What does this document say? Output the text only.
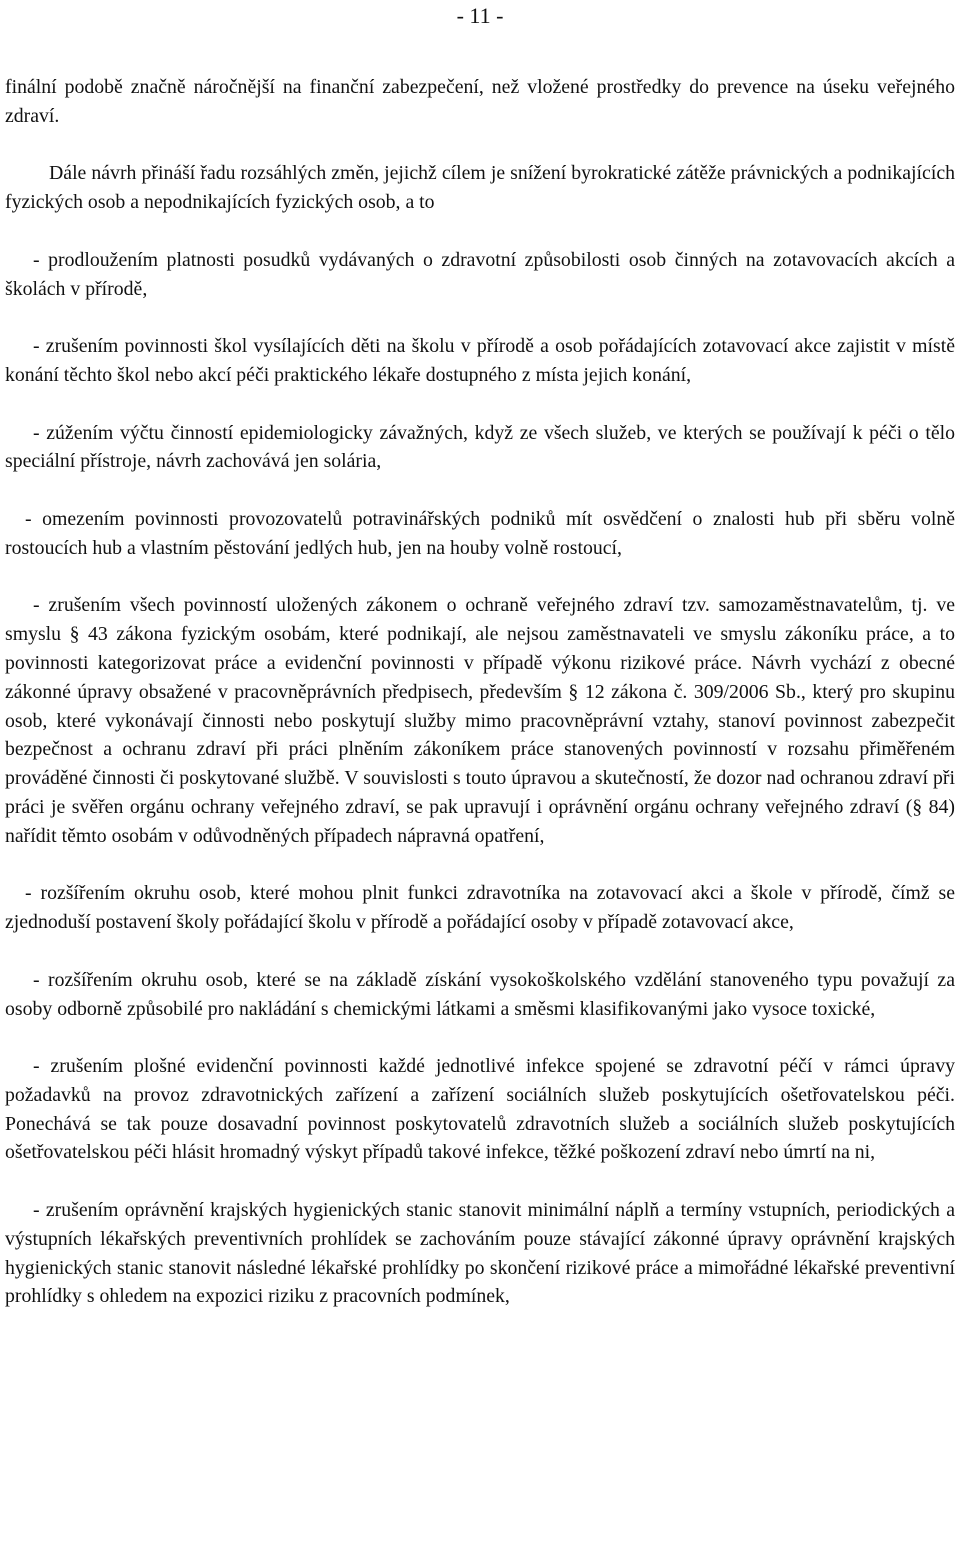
- 11 -

finální podobě značně náročnější na finanční zabezpečení, než vložené prostředky do prevence na úseku veřejného zdraví.

Dále návrh přináší řadu rozsáhlých změn, jejichž cílem je snížení byrokratické zátěže právnických a podnikajících fyzických osob a nepodnikajících fyzických osob, a to

- prodloužením platnosti posudků vydávaných o zdravotní způsobilosti osob činných na zotavovacích akcích a školách v přírodě,

- zrušením povinnosti škol vysílajících děti na školu v přírodě a osob pořádajících zotavovací akce zajistit v místě konání těchto škol nebo akcí péči praktického lékaře dostupného z místa jejich konání,

- zúžením výčtu činností epidemiologicky závažných, když ze všech služeb, ve kterých se používají k péči o tělo speciální přístroje, návrh zachovává jen solária,

- omezením povinnosti provozovatelů potravinářských podniků mít osvědčení o znalosti hub při sběru volně rostoucích hub a vlastním pěstování jedlých hub, jen na houby volně rostoucí,

- zrušením všech povinností uložených zákonem o ochraně veřejného zdraví tzv. samozaměstnavatelům, tj. ve smyslu § 43 zákona fyzickým osobám, které podnikají, ale nejsou zaměstnavateli ve smyslu zákoníku práce, a to povinnosti kategorizovat práce a evidenční povinnosti v případě výkonu rizikové práce. Návrh vychází z obecné zákonné úpravy obsažené v pracovněprávních předpisech, především § 12 zákona č. 309/2006 Sb., který pro skupinu osob, které vykonávají činnosti nebo poskytují služby mimo pracovněprávní vztahy, stanoví povinnost zabezpečit bezpečnost a ochranu zdraví při práci plněním zákoníkem práce stanovených povinností v rozsahu přiměřeném prováděné činnosti či poskytované službě. V souvislosti s touto úpravou a skutečností, že dozor nad ochranou zdraví při práci je svěřen orgánu ochrany veřejného zdraví, se pak upravují i oprávnění orgánu ochrany veřejného zdraví (§ 84) nařídit těmto osobám v odůvodněných případech nápravná opatření,

- rozšířením okruhu osob, které mohou plnit funkci zdravotníka na zotavovací akci a škole v přírodě, čímž se zjednoduší postavení školy pořádající školu v přírodě a pořádající osoby v případě zotavovací akce,

- rozšířením okruhu osob, které se na základě získání vysokoškolského vzdělání stanoveného typu považují za osoby odborně způsobilé pro nakládání s chemickými látkami a směsmi klasifikovanými jako vysoce toxické,

- zrušením plošné evidenční povinnosti každé jednotlivé infekce spojené se zdravotní péčí v rámci úpravy požadavků na provoz zdravotnických zařízení a zařízení sociálních služeb poskytujících ošetřovatelskou péči. Ponechává se tak pouze dosavadní povinnost poskytovatelů zdravotních služeb a sociálních služeb poskytujících ošetřovatelskou péči hlásit hromadný výskyt případů takové infekce, těžké poškození zdraví nebo úmrtí na ni,

- zrušením oprávnění krajských hygienických stanic stanovit minimální náplň a termíny vstupních, periodických a výstupních lékařských preventivních prohlídek se zachováním pouze stávající zákonné úpravy oprávnění krajských hygienických stanic stanovit následné lékařské prohlídky po skončení rizikové práce a mimořádné lékařské preventivní prohlídky s ohledem na expozici riziku z pracovních podmínek,
